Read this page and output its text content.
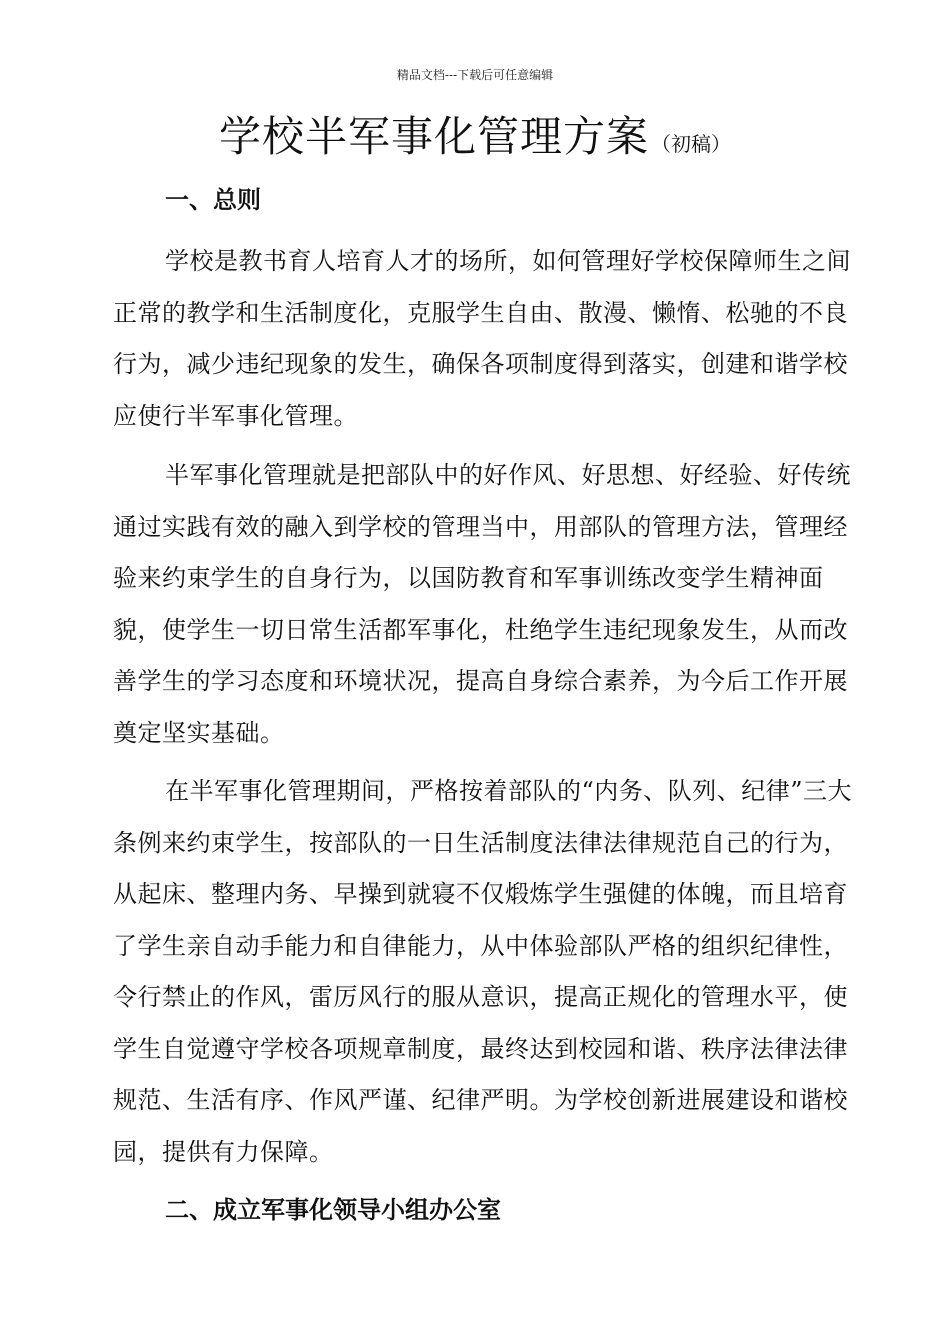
精品文档---下载后可任意编辑
学校半军事化管理方案 （初稿）
一、总则

学校是教书育人培育人才的场所，如何管理好学校保障师生之间正常的教学和生活制度化，克服学生自由、散漫、懒惰、松驰的不良行为，减少违纪现象的发生，确保各项制度得到落实，创建和谐学校应使行半军事化管理。

半军事化管理就是把部队中的好作风、好思想、好经验、好传统通过实践有效的融入到学校的管理当中，用部队的管理方法，管理经验来约束学生的自身行为，以国防教育和军事训练改变学生精神面貌，使学生一切日常生活都军事化，杜绝学生违纪现象发生，从而改善学生的学习态度和环境状况，提高自身综合素养，为今后工作开展奠定坚实基础。

在半军事化管理期间，严格按着部队的“内务、队列、纪律”三大条例来约束学生，按部队的一日生活制度法律法律规范自己的行为，从起床、整理内务、早操到就寝不仅煅炼学生强健的体魄，而且培育了学生亲自动手能力和自律能力，从中体验部队严格的组织纪律性，令行禁止的作风，雷厉风行的服从意识，提高正规化的管理水平，使学生自觉遵守学校各项规章制度，最终达到校园和谐、秩序法律法律规范、生活有序、作风严谨、纪律严明。为学校创新进展建设和谐校园，提供有力保障。

二、成立军事化领导小组办公室
